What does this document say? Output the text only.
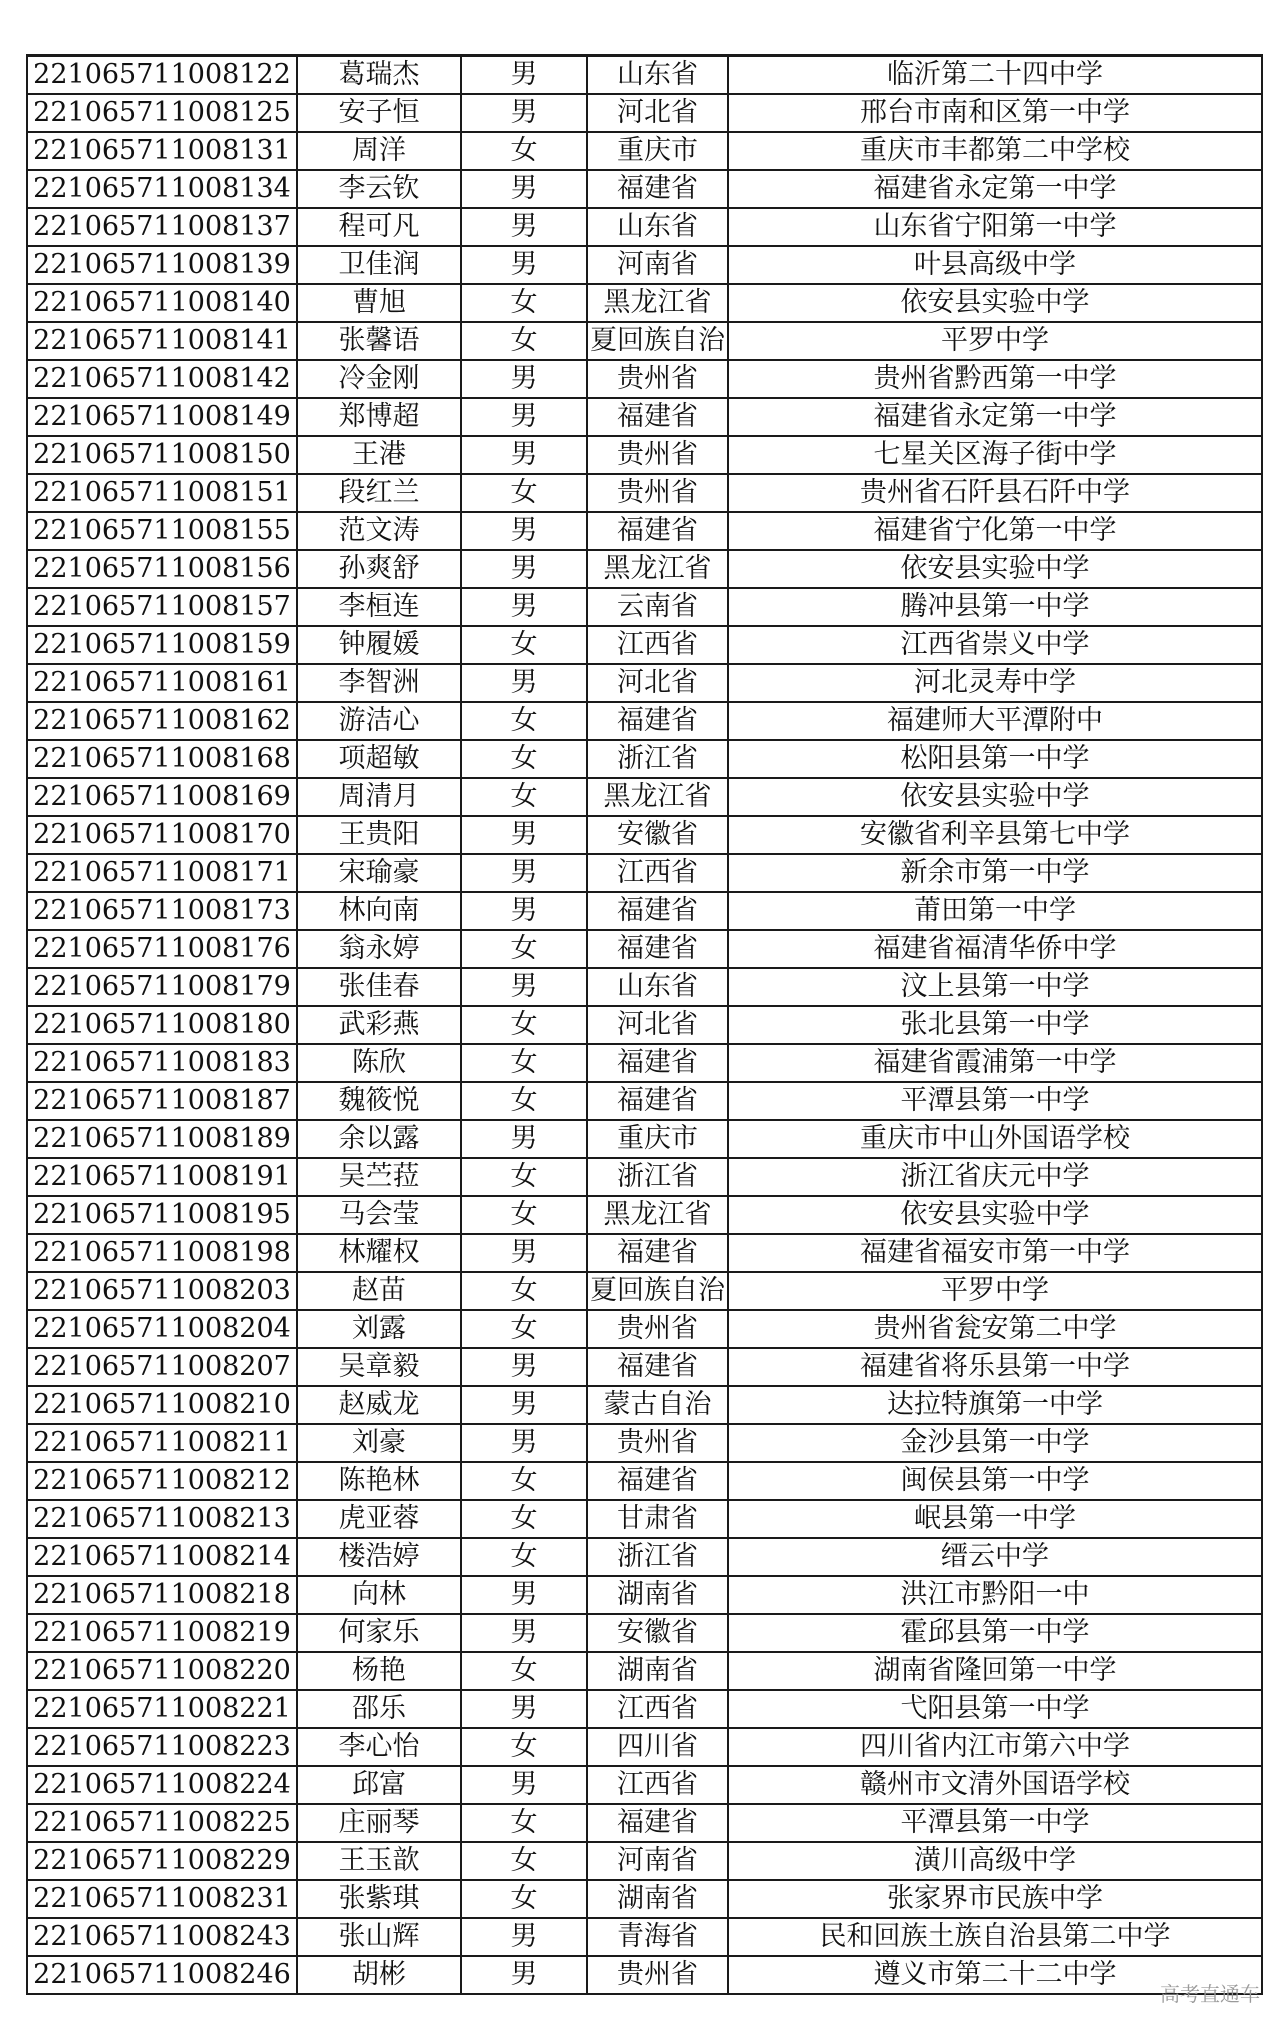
221065711008122	葛瑞杰	男	山东省	临沂第二十四中学
221065711008125	安子恒	男	河北省	邢台市南和区第一中学
221065711008131	周洋	女	重庆市	重庆市丰都第二中学校
221065711008134	李云钦	男	福建省	福建省永定第一中学
221065711008137	程可凡	男	山东省	山东省宁阳第一中学
221065711008139	卫佳润	男	河南省	叶县高级中学
221065711008140	曹旭	女	黑龙江省	依安县实验中学
221065711008141	张馨语	女	夏回族自治	平罗中学
221065711008142	冷金刚	男	贵州省	贵州省黔西第一中学
221065711008149	郑博超	男	福建省	福建省永定第一中学
221065711008150	王港	男	贵州省	七星关区海子街中学
221065711008151	段红兰	女	贵州省	贵州省石阡县石阡中学
221065711008155	范文涛	男	福建省	福建省宁化第一中学
221065711008156	孙爽舒	男	黑龙江省	依安县实验中学
221065711008157	李桓连	男	云南省	腾冲县第一中学
221065711008159	钟履媛	女	江西省	江西省崇义中学
221065711008161	李智洲	男	河北省	河北灵寿中学
221065711008162	游洁心	女	福建省	福建师大平潭附中
221065711008168	项超敏	女	浙江省	松阳县第一中学
221065711008169	周清月	女	黑龙江省	依安县实验中学
221065711008170	王贵阳	男	安徽省	安徽省利辛县第七中学
221065711008171	宋瑜豪	男	江西省	新余市第一中学
221065711008173	林向南	男	福建省	莆田第一中学
221065711008176	翁永婷	女	福建省	福建省福清华侨中学
221065711008179	张佳春	男	山东省	汶上县第一中学
221065711008180	武彩燕	女	河北省	张北县第一中学
221065711008183	陈欣	女	福建省	福建省霞浦第一中学
221065711008187	魏筱悦	女	福建省	平潭县第一中学
221065711008189	余以露	男	重庆市	重庆市中山外国语学校
221065711008191	吴苎菈	女	浙江省	浙江省庆元中学
221065711008195	马会莹	女	黑龙江省	依安县实验中学
221065711008198	林耀权	男	福建省	福建省福安市第一中学
221065711008203	赵苗	女	夏回族自治	平罗中学
221065711008204	刘露	女	贵州省	贵州省瓮安第二中学
221065711008207	吴章毅	男	福建省	福建省将乐县第一中学
221065711008210	赵威龙	男	蒙古自治	达拉特旗第一中学
221065711008211	刘豪	男	贵州省	金沙县第一中学
221065711008212	陈艳林	女	福建省	闽侯县第一中学
221065711008213	虎亚蓉	女	甘肃省	岷县第一中学
221065711008214	楼浩婷	女	浙江省	缙云中学
221065711008218	向林	男	湖南省	洪江市黔阳一中
221065711008219	何家乐	男	安徽省	霍邱县第一中学
221065711008220	杨艳	女	湖南省	湖南省隆回第一中学
221065711008221	邵乐	男	江西省	弋阳县第一中学
221065711008223	李心怡	女	四川省	四川省内江市第六中学
221065711008224	邱富	男	江西省	赣州市文清外国语学校
221065711008225	庄丽琴	女	福建省	平潭县第一中学
221065711008229	王玉歆	女	河南省	潢川高级中学
221065711008231	张紫琪	女	湖南省	张家界市民族中学
221065711008243	张山辉	男	青海省	民和回族土族自治县第二中学
221065711008246	胡彬	男	贵州省	遵义市第二十二中学
高考直通车
